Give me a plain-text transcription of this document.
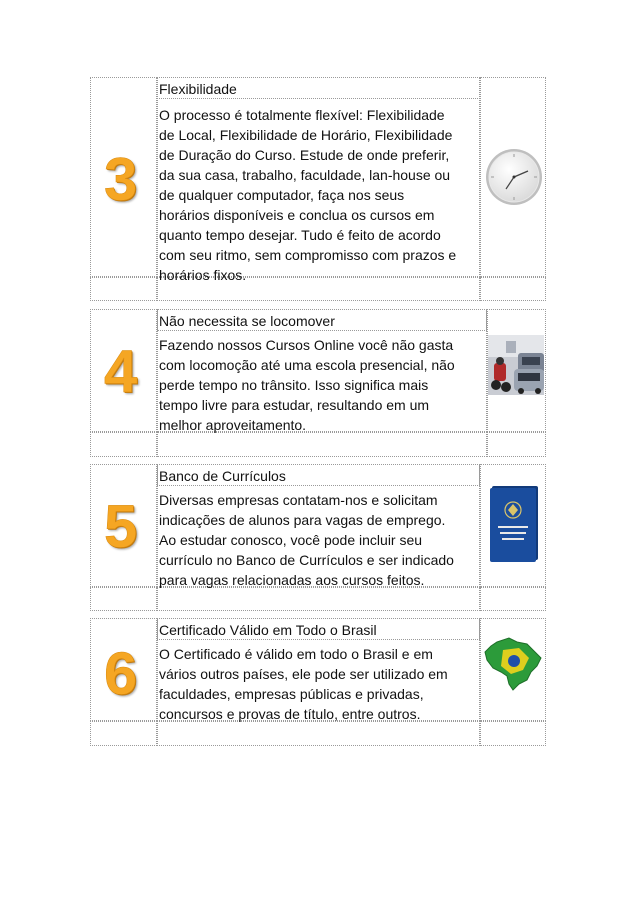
3
Flexibilidade
O processo é totalmente flexível: Flexibilidade
de Local, Flexibilidade de Horário, Flexibilidade
de Duração do Curso. Estude de onde preferir,
da sua casa, trabalho, faculdade, lan-house ou
de qualquer computador, faça nos seus
horários disponíveis e conclua os cursos em
quanto tempo desejar. Tudo é feito de acordo
com seu ritmo, sem compromisso com prazos e
horários fixos.
4
Não necessita se locomover
Fazendo nossos Cursos Online você não gasta
com locomoção até uma escola presencial, não
perde tempo no trânsito. Isso significa mais
tempo livre para estudar, resultando em um
melhor aproveitamento.
5
Banco de Currículos
Diversas empresas contatam-nos e solicitam
indicações de alunos para vagas de emprego.
Ao estudar conosco, você pode incluir seu
currículo no Banco de Currículos e ser indicado
para vagas relacionadas aos cursos feitos.
6
Certificado Válido em Todo o Brasil
O Certificado é válido em todo o Brasil e em
vários outros países, ele pode ser utilizado em
faculdades, empresas públicas e privadas,
concursos e provas de título, entre outros.
